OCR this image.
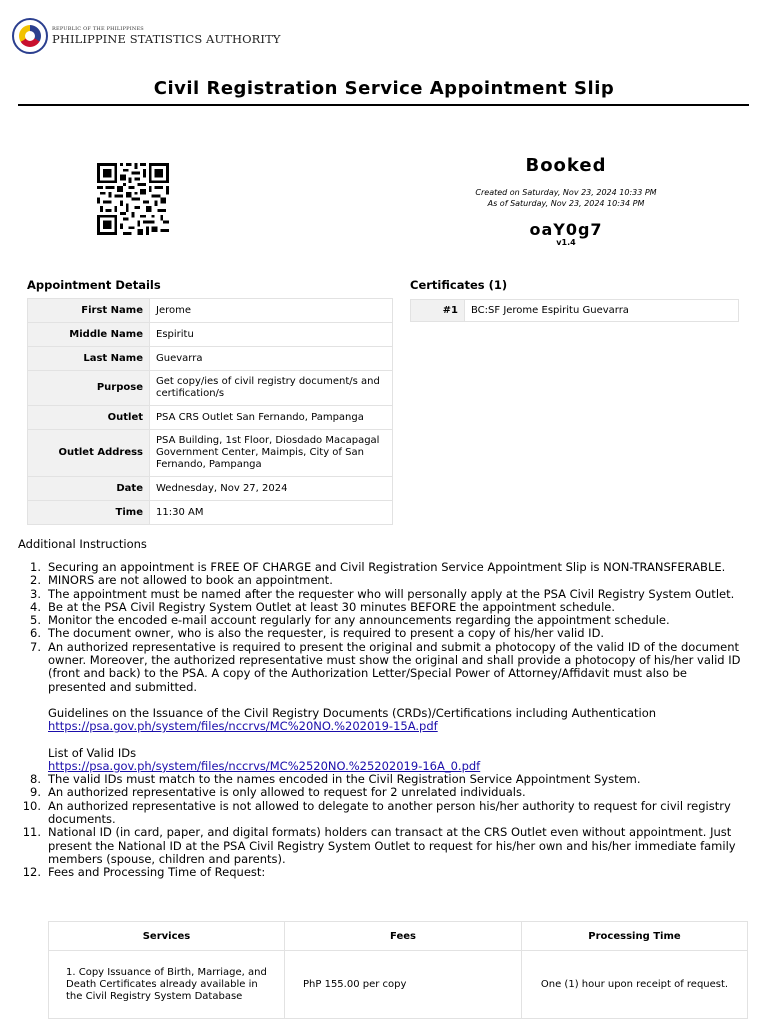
REPUBLIC OF THE PHILIPPINES
PHILIPPINE STATISTICS AUTHORITY
Civil Registration Service Appointment Slip
Booked
Created on Saturday, Nov 23, 2024 10:33 PM
As of Saturday, Nov 23, 2024 10:34 PM
oaY0g7
v1.4
Appointment Details
First Name	Jerome
Middle Name	Espiritu
Last Name	Guevarra
Purpose	Get copy/ies of civil registry document/s and certification/s
Outlet	PSA CRS Outlet San Fernando, Pampanga
Outlet Address	PSA Building, 1st Floor, Diosdado Macapagal Government Center, Maimpis, City of San Fernando, Pampanga
Date	Wednesday, Nov 27, 2024
Time	11:30 AM
Certificates (1)
#1	BC:SF Jerome Espiritu Guevarra
Additional Instructions
1. Securing an appointment is FREE OF CHARGE and Civil Registration Service Appointment Slip is NON-TRANSFERABLE.
2. MINORS are not allowed to book an appointment.
3. The appointment must be named after the requester who will personally apply at the PSA Civil Registry System Outlet.
4. Be at the PSA Civil Registry System Outlet at least 30 minutes BEFORE the appointment schedule.
5. Monitor the encoded e-mail account regularly for any announcements regarding the appointment schedule.
6. The document owner, who is also the requester, is required to present a copy of his/her valid ID.
7. An authorized representative is required to present the original and submit a photocopy of the valid ID of the document owner. Moreover, the authorized representative must show the original and shall provide a photocopy of his/her valid ID (front and back) to the PSA. A copy of the Authorization Letter/Special Power of Attorney/Affidavit must also be presented and submitted.
Guidelines on the Issuance of the Civil Registry Documents (CRDs)/Certifications including Authentication
https://psa.gov.ph/system/files/nccrvs/MC%20NO.%202019-15A.pdf
List of Valid IDs
https://psa.gov.ph/system/files/nccrvs/MC%2520NO.%25202019-16A_0.pdf
8. The valid IDs must match to the names encoded in the Civil Registration Service Appointment System.
9. An authorized representative is only allowed to request for 2 unrelated individuals.
10. An authorized representative is not allowed to delegate to another person his/her authority to request for civil registry documents.
11. National ID (in card, paper, and digital formats) holders can transact at the CRS Outlet even without appointment. Just present the National ID at the PSA Civil Registry System Outlet to request for his/her own and his/her immediate family members (spouse, children and parents).
12. Fees and Processing Time of Request:
Services	Fees	Processing Time
1. Copy Issuance of Birth, Marriage, and Death Certificates already available in the Civil Registry System Database	PhP 155.00 per copy	One (1) hour upon receipt of request.
